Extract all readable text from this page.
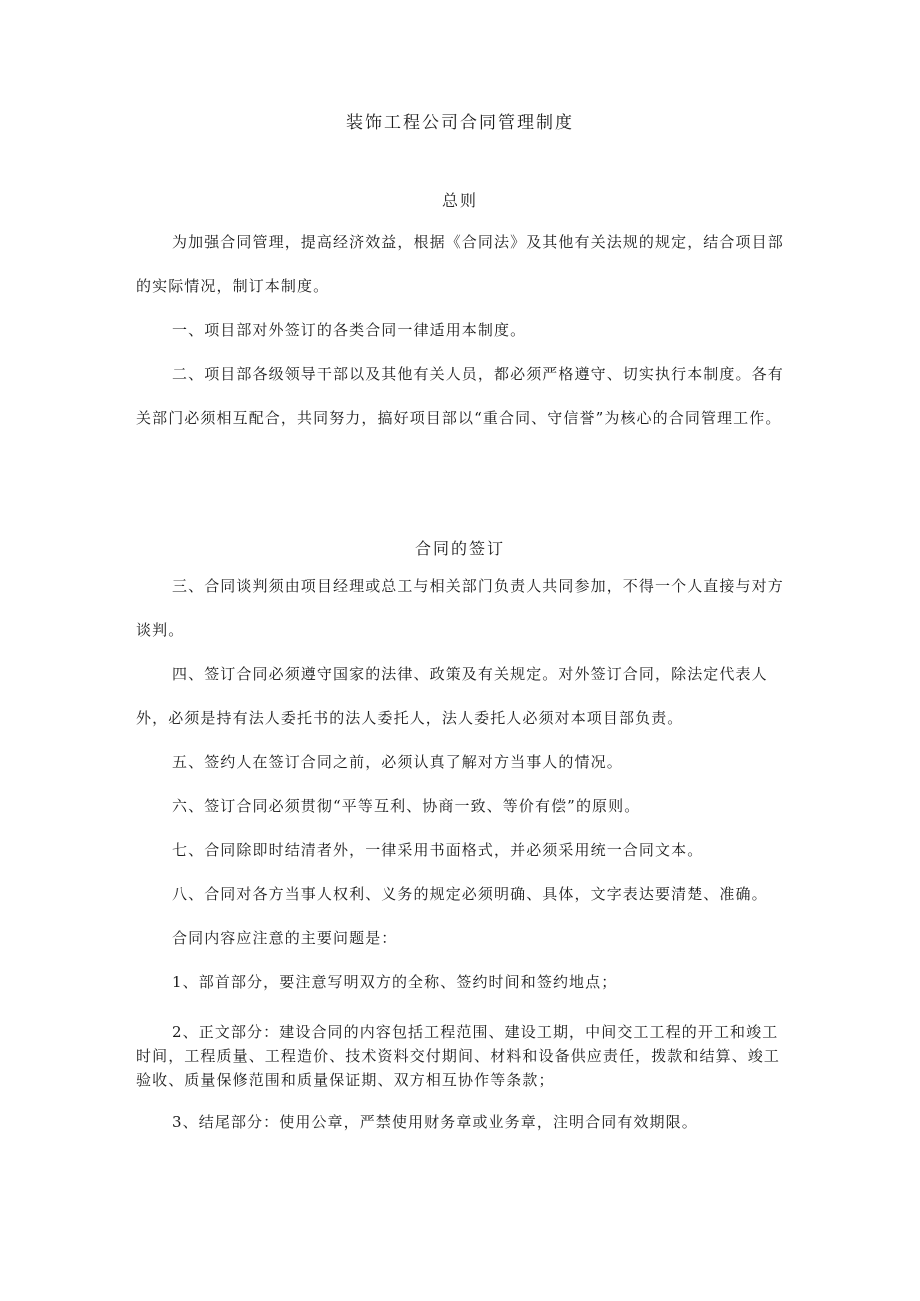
装饰工程公司合同管理制度
总则

为加强合同管理，提高经济效益，根据《合同法》及其他有关法规的规定，结合项目部的实际情况，制订本制度。

一、项目部对外签订的各类合同一律适用本制度。

二、项目部各级领导干部以及其他有关人员，都必须严格遵守、切实执行本制度。各有关部门必须相互配合，共同努力，搞好项目部以“重合同、守信誉”为核心的合同管理工作。

合同的签订

三、合同谈判须由项目经理或总工与相关部门负责人共同参加，不得一个人直接与对方谈判。

四、签订合同必须遵守国家的法律、政策及有关规定。对外签订合同，除法定代表人外，必须是持有法人委托书的法人委托人，法人委托人必须对本项目部负责。

五、签约人在签订合同之前，必须认真了解对方当事人的情况。

六、签订合同必须贯彻“平等互利、协商一致、等价有偿”的原则。

七、合同除即时结清者外，一律采用书面格式，并必须采用统一合同文本。

八、合同对各方当事人权利、义务的规定必须明确、具体，文字表达要清楚、准确。

合同内容应注意的主要问题是：

1、部首部分，要注意写明双方的全称、签约时间和签约地点；

2、正文部分：建设合同的内容包括工程范围、建设工期，中间交工工程的开工和竣工时间，工程质量、工程造价、技术资料交付期间、材料和设备供应责任，拨款和结算、竣工验收、质量保修范围和质量保证期、双方相互协作等条款；

3、结尾部分：使用公章，严禁使用财务章或业务章，注明合同有效期限。
